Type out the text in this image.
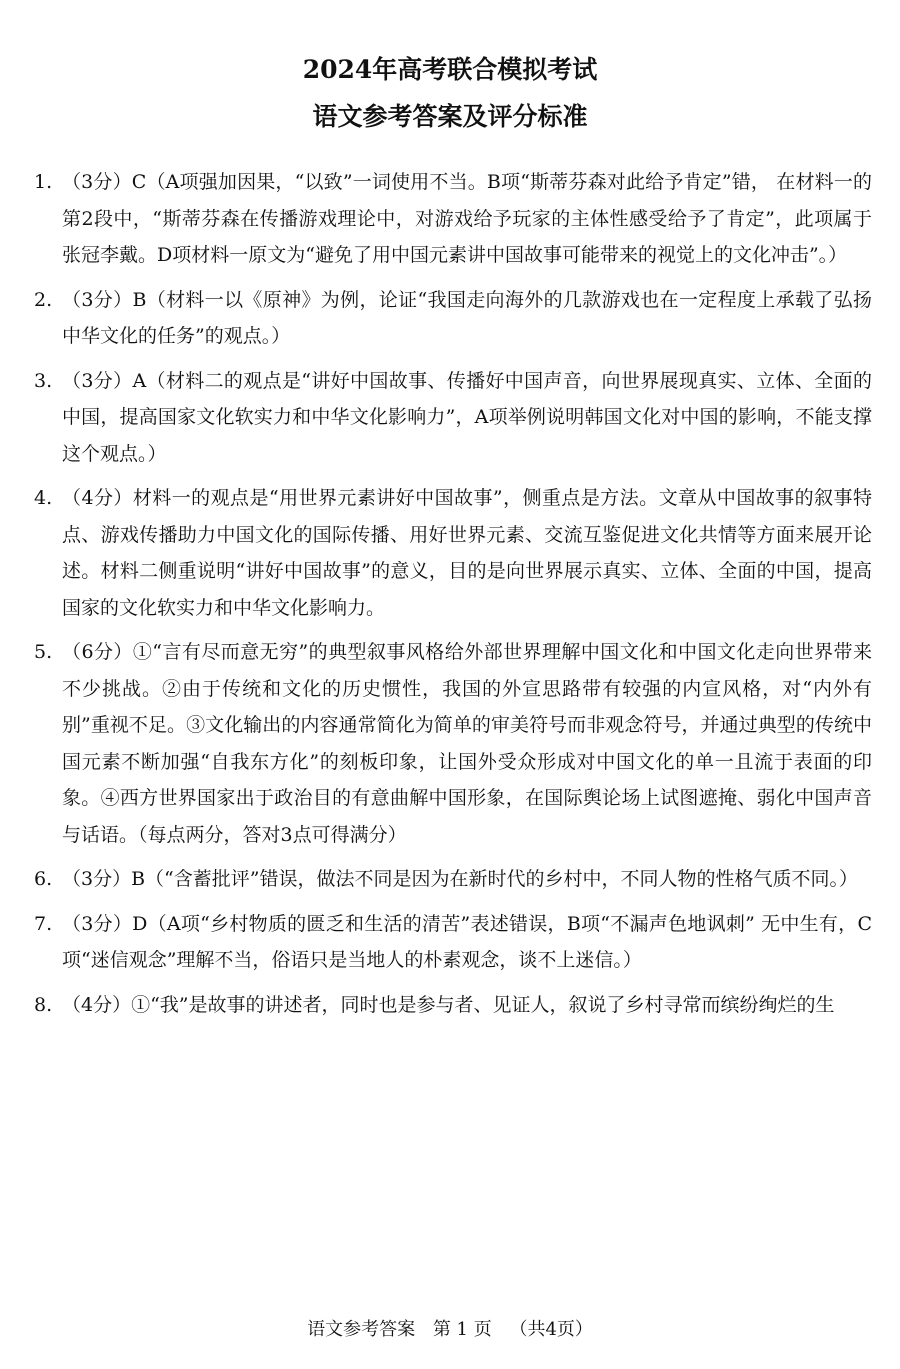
2024年高考联合模拟考试
语文参考答案及评分标准
1. （3分）C（A项强加因果，“以致”一词使用不当。B项“斯蒂芬森对此给予肯定”错， 在材料一的第2段中，“斯蒂芬森在传播游戏理论中，对游戏给予玩家的主体性感受给予了肯定”，此项属于张冠李戴。D项材料一原文为“避免了用中国元素讲中国故事可能带来的视觉上的文化冲击”。）
2. （3分）B（材料一以《原神》为例，论证“我国走向海外的几款游戏也在一定程度上承载了弘扬中华文化的任务”的观点。）
3. （3分）A（材料二的观点是“讲好中国故事、传播好中国声音，向世界展现真实、立体、全面的中国，提高国家文化软实力和中华文化影响力”，A项举例说明韩国文化对中国的影响，不能支撑这个观点。）
4. （4分）材料一的观点是“用世界元素讲好中国故事”，侧重点是方法。文章从中国故事的叙事特点、游戏传播助力中国文化的国际传播、用好世界元素、交流互鉴促进文化共情等方面来展开论述。材料二侧重说明“讲好中国故事”的意义，目的是向世界展示真实、立体、全面的中国，提高国家的文化软实力和中华文化影响力。
5. （6分）①“言有尽而意无穷”的典型叙事风格给外部世界理解中国文化和中国文化走向世界带来不少挑战。②由于传统和文化的历史惯性，我国的外宣思路带有较强的内宣风格，对“内外有别”重视不足。③文化输出的内容通常简化为简单的审美符号而非观念符号，并通过典型的传统中国元素不断加强“自我东方化”的刻板印象，让国外受众形成对中国文化的单一且流于表面的印象。④西方世界国家出于政治目的有意曲解中国形象，在国际舆论场上试图遮掩、弱化中国声音与话语。（每点两分，答对3点可得满分）
6. （3分）B（“含蓄批评”错误，做法不同是因为在新时代的乡村中，不同人物的性格气质不同。）
7. （3分）D（A项“乡村物质的匮乏和生活的清苦”表述错误，B项“不漏声色地讽刺” 无中生有，C项“迷信观念”理解不当，俗语只是当地人的朴素观念，谈不上迷信。）
8. （4分）①“我”是故事的讲述者，同时也是参与者、见证人，叙说了乡村寻常而缤纷绚烂的生
语文参考答案 第 1 页 （共4页）
